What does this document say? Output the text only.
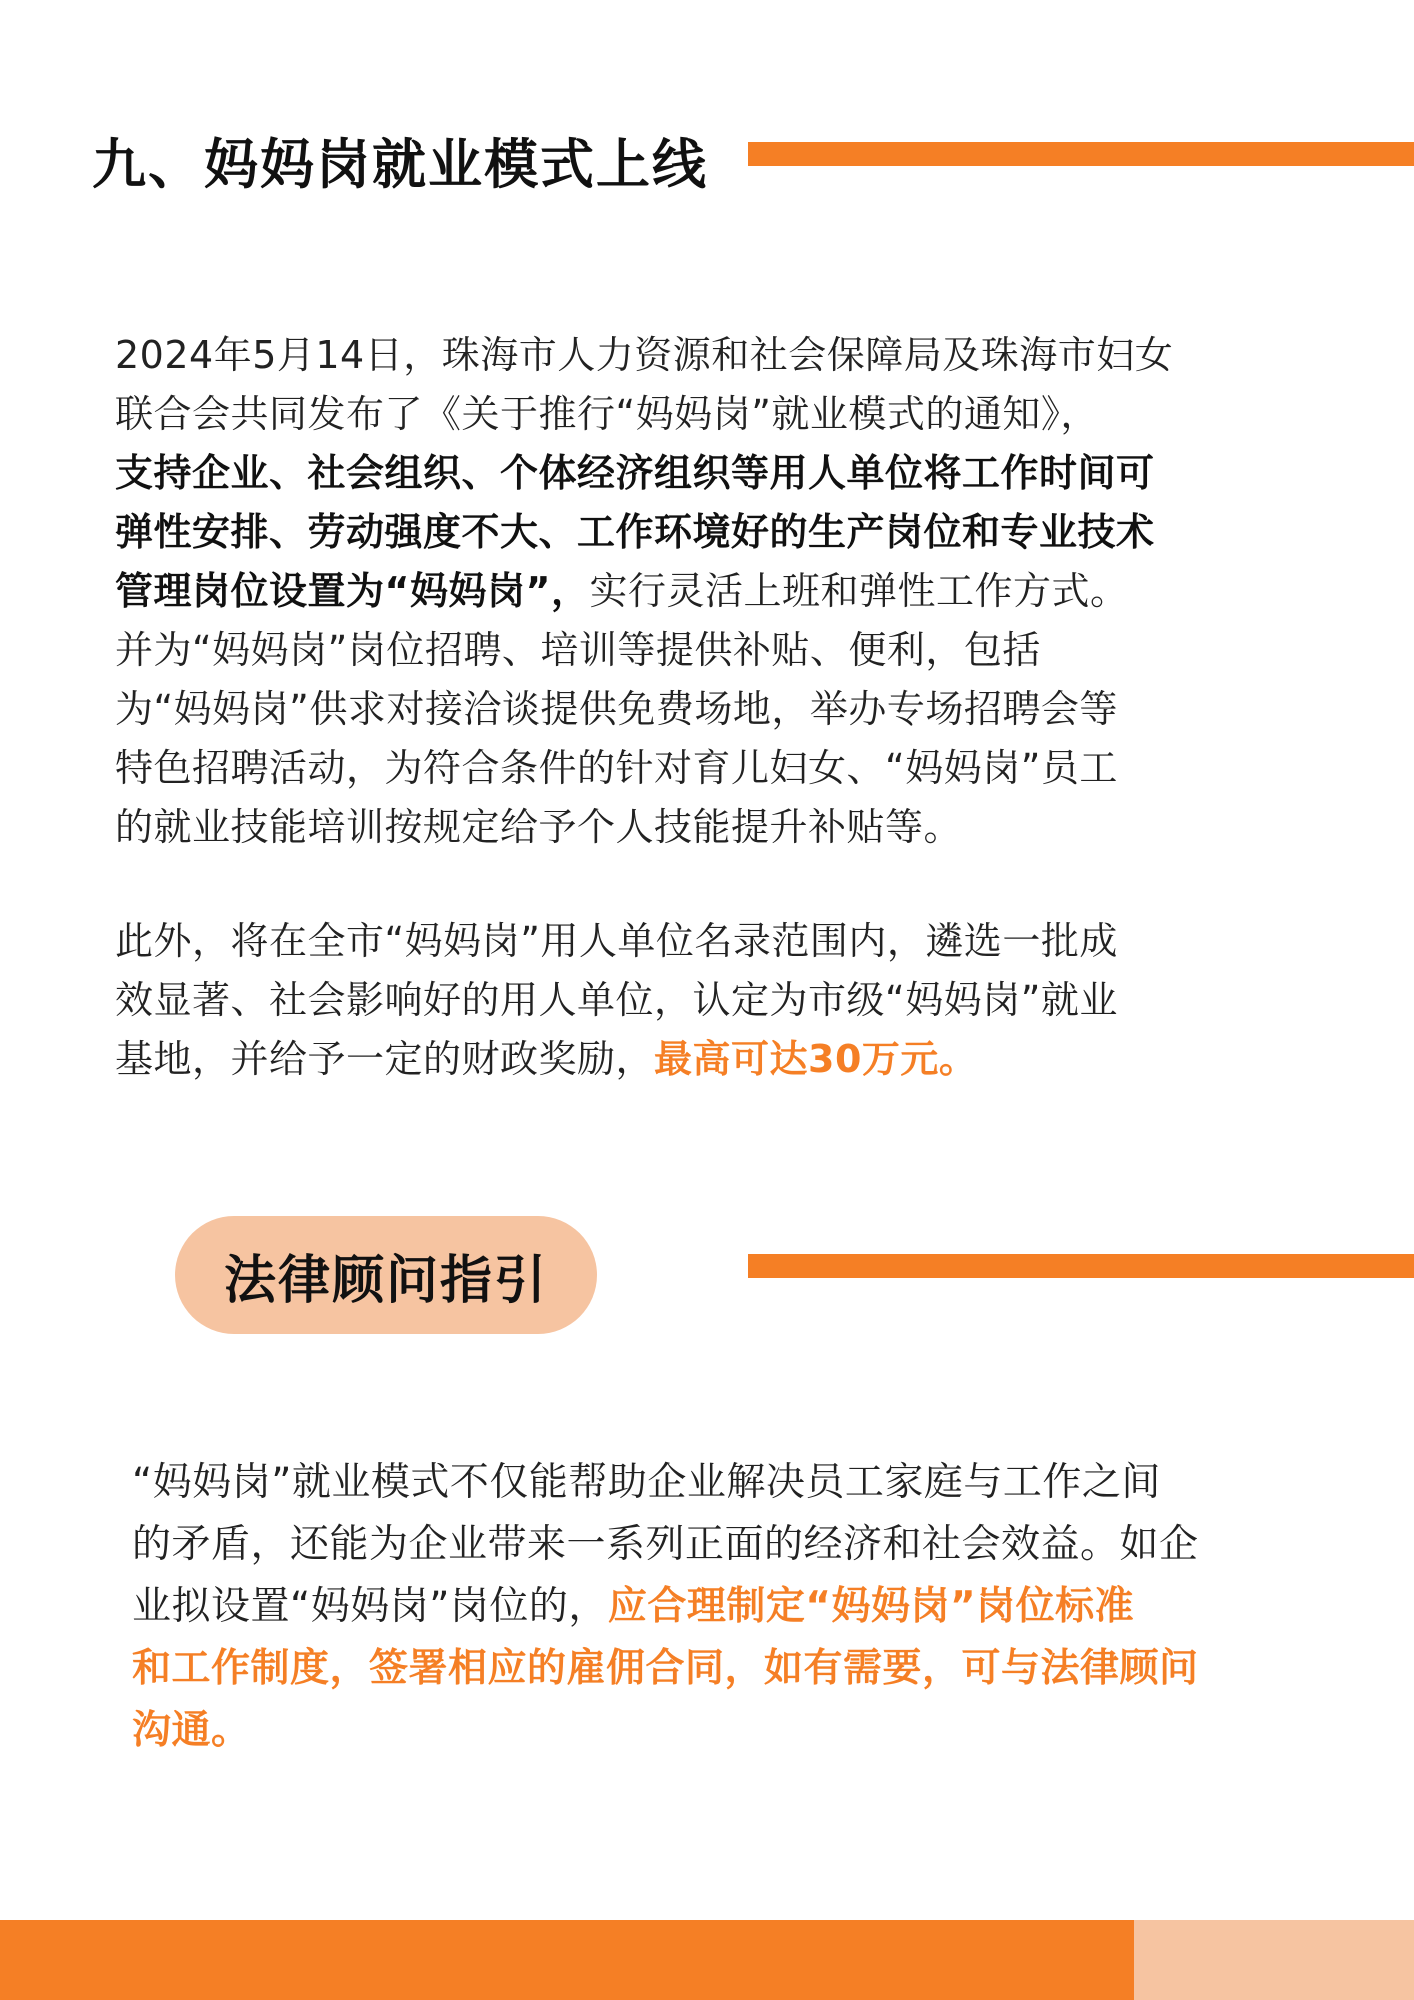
九、妈妈岗就业模式上线
2024年5月14日，珠海市人力资源和社会保障局及珠海市妇女
联合会共同发布了《关于推行“妈妈岗”就业模式的通知》，
支持企业、社会组织、个体经济组织等用人单位将工作时间可
弹性安排、劳动强度不大、工作环境好的生产岗位和专业技术
管理岗位设置为“妈妈岗”，实行灵活上班和弹性工作方式。
并为“妈妈岗”岗位招聘、培训等提供补贴、便利，包括
为“妈妈岗”供求对接洽谈提供免费场地，举办专场招聘会等
特色招聘活动，为符合条件的针对育儿妇女、“妈妈岗”员工
的就业技能培训按规定给予个人技能提升补贴等。
此外，将在全市“妈妈岗”用人单位名录范围内，遴选一批成
效显著、社会影响好的用人单位，认定为市级“妈妈岗”就业
基地，并给予一定的财政奖励，最高可达30万元。
法律顾问指引
“妈妈岗”就业模式不仅能帮助企业解决员工家庭与工作之间
的矛盾，还能为企业带来一系列正面的经济和社会效益。如企
业拟设置“妈妈岗”岗位的，应合理制定“妈妈岗”岗位标准
和工作制度，签署相应的雇佣合同，如有需要，可与法律顾问
沟通。
